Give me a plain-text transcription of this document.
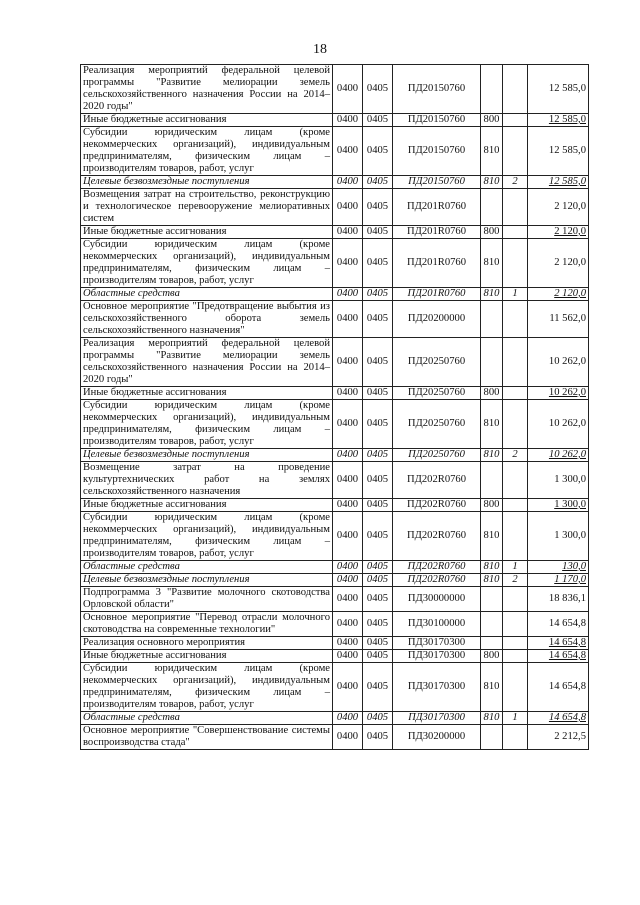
18
Реализация мероприятий федеральной целевой программы "Развитие мелиорации земель сельскохозяйственного назначения России на 2014–2020 годы"	0400	0405	ПД20150760			12 585,0
Иные бюджетные ассигнования	0400	0405	ПД20150760	800		12 585,0
Субсидии юридическим лицам (кроме некоммерческих организаций), индивидуальным предпринимателям, физическим лицам – производителям товаров, работ, услуг	0400	0405	ПД20150760	810		12 585,0
Целевые безвозмездные поступления	0400	0405	ПД20150760	810	2	12 585,0
Возмещения затрат на строительство, реконструкцию и технологическое перевооружение мелиоративных систем	0400	0405	ПД201R0760			2 120,0
Иные бюджетные ассигнования	0400	0405	ПД201R0760	800		2 120,0
Субсидии юридическим лицам (кроме некоммерческих организаций), индивидуальным предпринимателям, физическим лицам – производителям товаров, работ, услуг	0400	0405	ПД201R0760	810		2 120,0
Областные средства	0400	0405	ПД201R0760	810	1	2 120,0
Основное мероприятие "Предотвращение выбытия из сельскохозяйственного оборота земель сельскохозяйственного назначения"	0400	0405	ПД20200000			11 562,0
Реализация мероприятий федеральной целевой программы "Развитие мелиорации земель сельскохозяйственного назначения России на 2014–2020 годы"	0400	0405	ПД20250760			10 262,0
Иные бюджетные ассигнования	0400	0405	ПД20250760	800		10 262,0
Субсидии юридическим лицам (кроме некоммерческих организаций), индивидуальным предпринимателям, физическим лицам – производителям товаров, работ, услуг	0400	0405	ПД20250760	810		10 262,0
Целевые безвозмездные поступления	0400	0405	ПД20250760	810	2	10 262,0
Возмещение затрат на проведение культуртехнических работ на землях сельскохозяйственного назначения	0400	0405	ПД202R0760			1 300,0
Иные бюджетные ассигнования	0400	0405	ПД202R0760	800		1 300,0
Субсидии юридическим лицам (кроме некоммерческих организаций), индивидуальным предпринимателям, физическим лицам – производителям товаров, работ, услуг	0400	0405	ПД202R0760	810		1 300,0
Областные средства	0400	0405	ПД202R0760	810	1	130,0
Целевые безвозмездные поступления	0400	0405	ПД202R0760	810	2	1 170,0
Подпрограмма 3 "Развитие молочного скотоводства Орловской области"	0400	0405	ПД30000000			18 836,1
Основное мероприятие "Перевод отрасли молочного скотоводства на современные технологии"	0400	0405	ПД30100000			14 654,8
Реализация основного мероприятия	0400	0405	ПД30170300			14 654,8
Иные бюджетные ассигнования	0400	0405	ПД30170300	800		14 654,8
Субсидии юридическим лицам (кроме некоммерческих организаций), индивидуальным предпринимателям, физическим лицам – производителям товаров, работ, услуг	0400	0405	ПД30170300	810		14 654,8
Областные средства	0400	0405	ПД30170300	810	1	14 654,8
Основное мероприятие "Совершенствование системы воспроизводства стада"	0400	0405	ПД30200000			2 212,5
